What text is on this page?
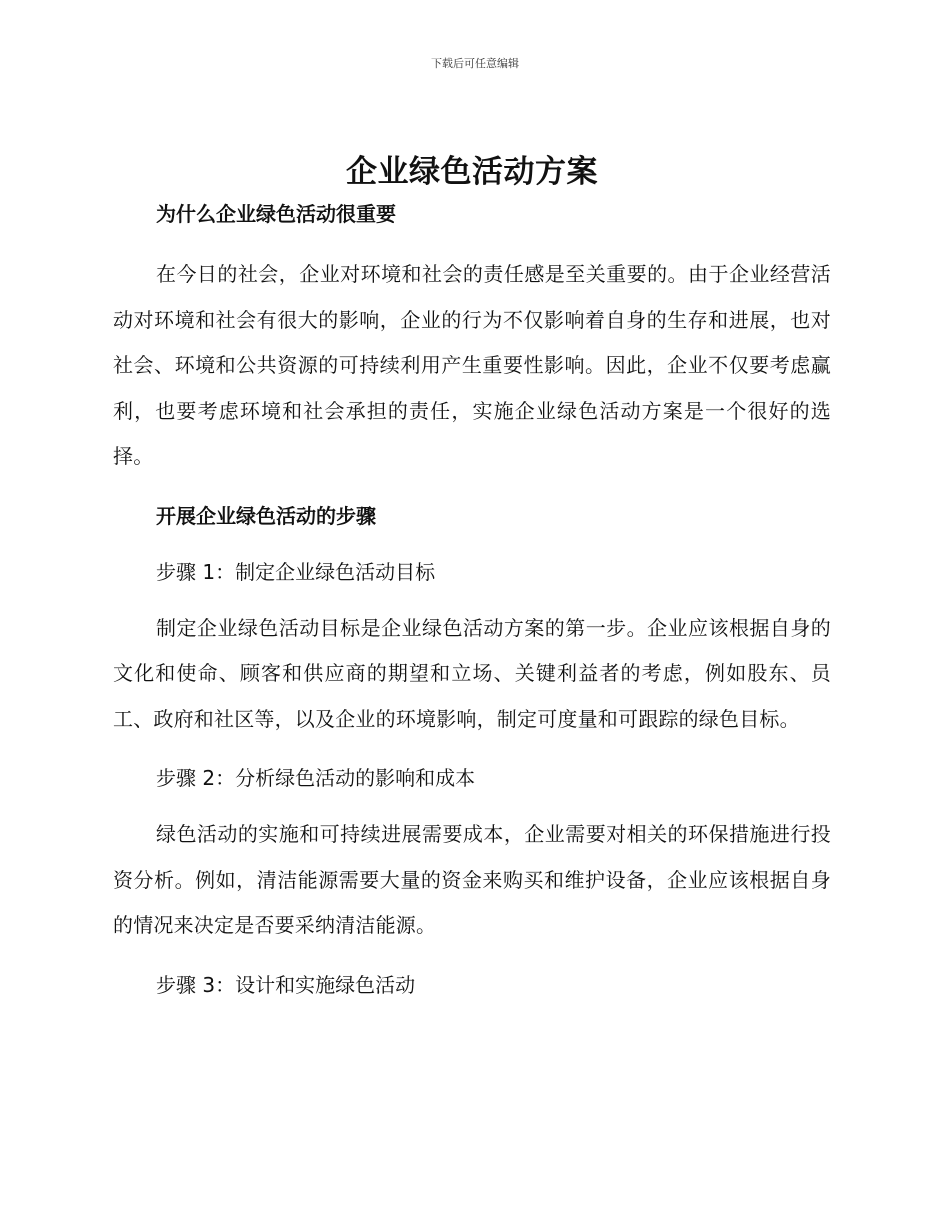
下载后可任意编辑
企业绿色活动方案
为什么企业绿色活动很重要

在今日的社会，企业对环境和社会的责任感是至关重要的。由于企业经营活动对环境和社会有很大的影响，企业的行为不仅影响着自身的生存和进展，也对社会、环境和公共资源的可持续利用产生重要性影响。因此，企业不仅要考虑赢利，也要考虑环境和社会承担的责任，实施企业绿色活动方案是一个很好的选择。

开展企业绿色活动的步骤
步骤 1：制定企业绿色活动目标

制定企业绿色活动目标是企业绿色活动方案的第一步。企业应该根据自身的文化和使命、顾客和供应商的期望和立场、关键利益者的考虑，例如股东、员工、政府和社区等，以及企业的环境影响，制定可度量和可跟踪的绿色目标。

步骤 2：分析绿色活动的影响和成本

绿色活动的实施和可持续进展需要成本，企业需要对相关的环保措施进行投资分析。例如，清洁能源需要大量的资金来购买和维护设备，企业应该根据自身的情况来决定是否要采纳清洁能源。

步骤 3：设计和实施绿色活动
